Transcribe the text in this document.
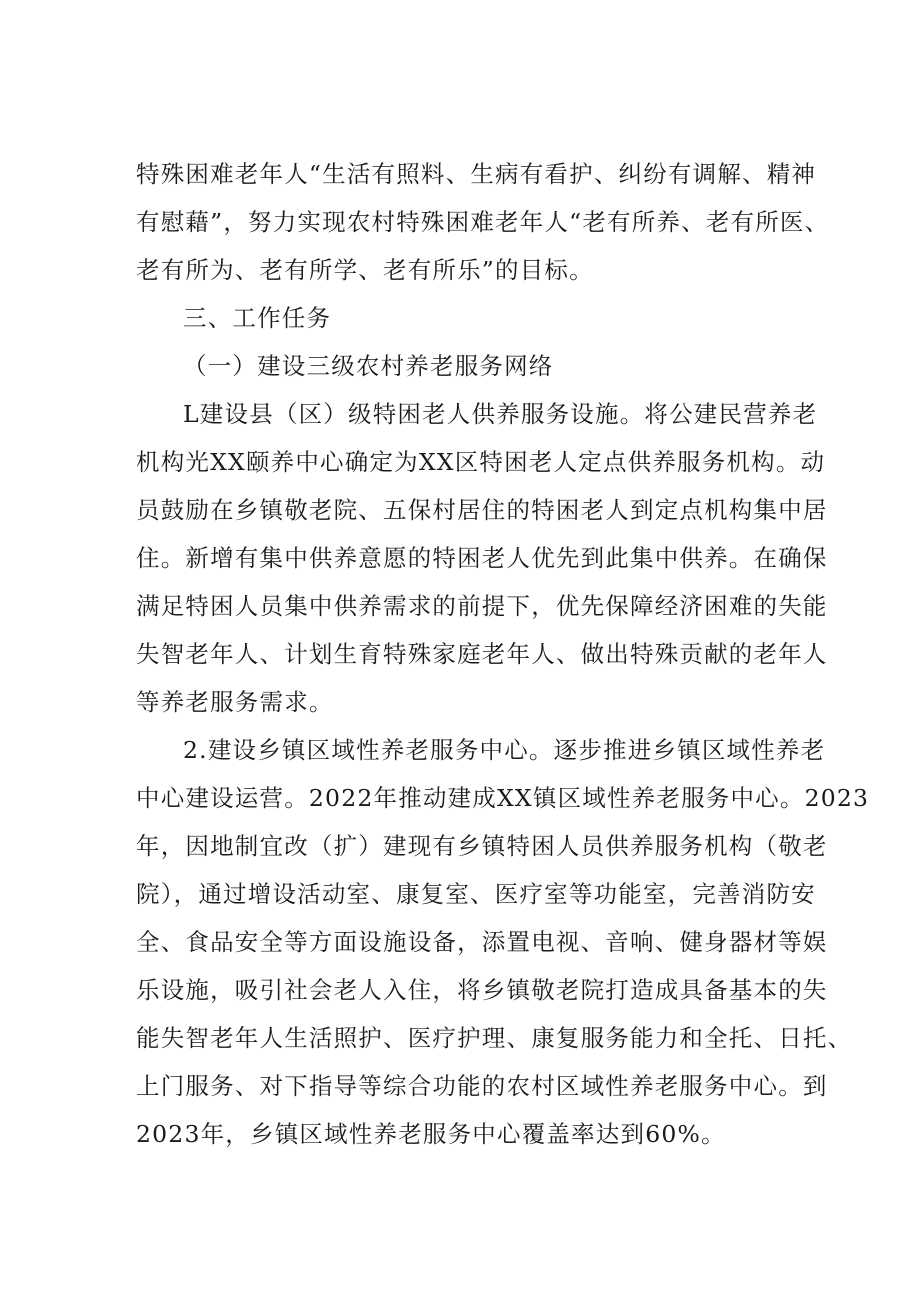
特殊困难老年人“生活有照料、生病有看护、纠纷有调解、精神
有慰藉”，努力实现农村特殊困难老年人“老有所养、老有所医、
老有所为、老有所学、老有所乐”的目标。
三、工作任务
（一）建设三级农村养老服务网络
L建设县（区）级特困老人供养服务设施。将公建民营养老
机构光XX颐养中心确定为XX区特困老人定点供养服务机构。动
员鼓励在乡镇敬老院、五保村居住的特困老人到定点机构集中居
住。新增有集中供养意愿的特困老人优先到此集中供养。在确保
满足特困人员集中供养需求的前提下，优先保障经济困难的失能
失智老年人、计划生育特殊家庭老年人、做出特殊贡献的老年人
等养老服务需求。
2.建设乡镇区域性养老服务中心。逐步推进乡镇区域性养老
中心建设运营。2022年推动建成XX镇区域性养老服务中心。2023
年，因地制宜改（扩）建现有乡镇特困人员供养服务机构（敬老
院），通过增设活动室、康复室、医疗室等功能室，完善消防安
全、食品安全等方面设施设备，添置电视、音响、健身器材等娱
乐设施，吸引社会老人入住，将乡镇敬老院打造成具备基本的失
能失智老年人生活照护、医疗护理、康复服务能力和全托、日托、
上门服务、对下指导等综合功能的农村区域性养老服务中心。到
2023年，乡镇区域性养老服务中心覆盖率达到60%。
